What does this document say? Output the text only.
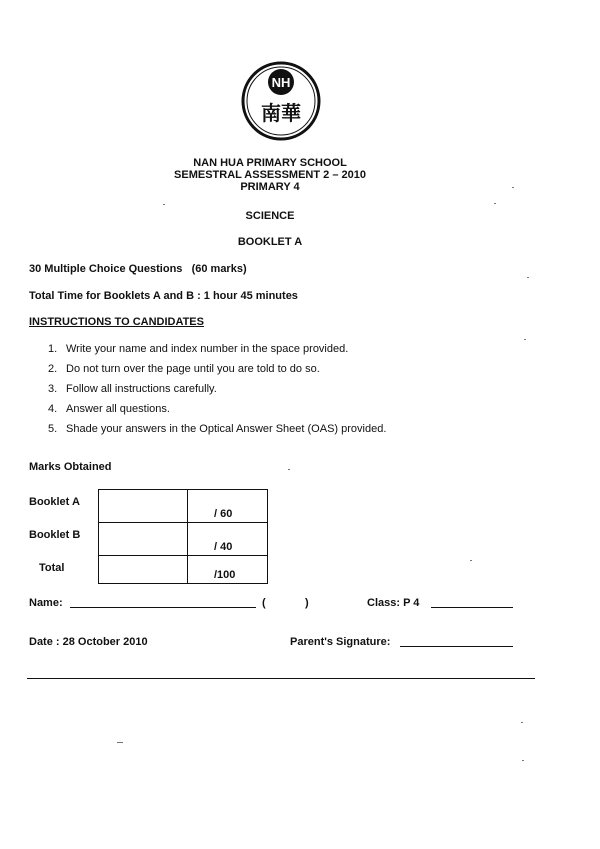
NH
南華
NAN HUA PRIMARY SCHOOL
SEMESTRAL ASSESSMENT 2 – 2010
PRIMARY 4
SCIENCE
BOOKLET A
30 Multiple Choice Questions   (60 marks)
Total Time for Booklets A and B : 1 hour 45 minutes
INSTRUCTIONS TO CANDIDATES
1. Write your name and index number in the space provided.
2. Do not turn over the page until you are told to do so.
3. Follow all instructions carefully.
4. Answer all questions.
5. Shade your answers in the Optical Answer Sheet (OAS) provided.
Marks Obtained
Booklet A		/ 60
Booklet B		/ 40
Total		/100
Name:	(	)	Class: P 4
Date : 28 October 2010	Parent's Signature:
